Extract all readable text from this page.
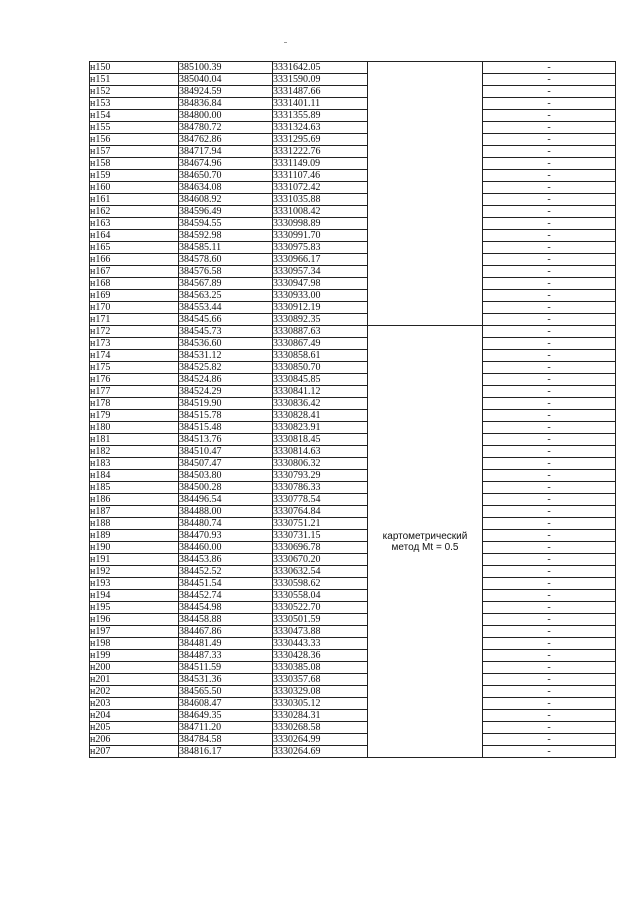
н150	385100.39	3331642.05		-
н151	385040.04	3331590.09		-
н152	384924.59	3331487.66		-
н153	384836.84	3331401.11		-
н154	384800.00	3331355.89		-
н155	384780.72	3331324.63		-
н156	384762.86	3331295.69		-
н157	384717.94	3331222.76		-
н158	384674.96	3331149.09		-
н159	384650.70	3331107.46		-
н160	384634.08	3331072.42		-
н161	384608.92	3331035.88		-
н162	384596.49	3331008.42		-
н163	384594.55	3330998.89		-
н164	384592.98	3330991.70		-
н165	384585.11	3330975.83		-
н166	384578.60	3330966.17		-
н167	384576.58	3330957.34		-
н168	384567.89	3330947.98		-
н169	384563.25	3330933.00		-
н170	384553.44	3330912.19		-
н171	384545.66	3330892.35		-
н172	384545.73	3330887.63	картометрический
метод Mt = 0.5	-
н173	384536.60	3330867.49		-
н174	384531.12	3330858.61		-
н175	384525.82	3330850.70		-
н176	384524.86	3330845.85		-
н177	384524.29	3330841.12		-
н178	384519.90	3330836.42		-
н179	384515.78	3330828.41		-
н180	384515.48	3330823.91		-
н181	384513.76	3330818.45		-
н182	384510.47	3330814.63		-
н183	384507.47	3330806.32		-
н184	384503.80	3330793.29		-
н185	384500.28	3330786.33		-
н186	384496.54	3330778.54		-
н187	384488.00	3330764.84		-
н188	384480.74	3330751.21		-
н189	384470.93	3330731.15		-
н190	384460.00	3330696.78		-
н191	384453.86	3330670.20		-
н192	384452.52	3330632.54		-
н193	384451.54	3330598.62		-
н194	384452.74	3330558.04		-
н195	384454.98	3330522.70		-
н196	384458.88	3330501.59		-
н197	384467.86	3330473.88		-
н198	384481.49	3330443.33		-
н199	384487.33	3330428.36		-
н200	384511.59	3330385.08		-
н201	384531.36	3330357.68		-
н202	384565.50	3330329.08		-
н203	384608.47	3330305.12		-
н204	384649.35	3330284.31		-
н205	384711.20	3330268.58		-
н206	384784.58	3330264.99		-
н207	384816.17	3330264.69		-
